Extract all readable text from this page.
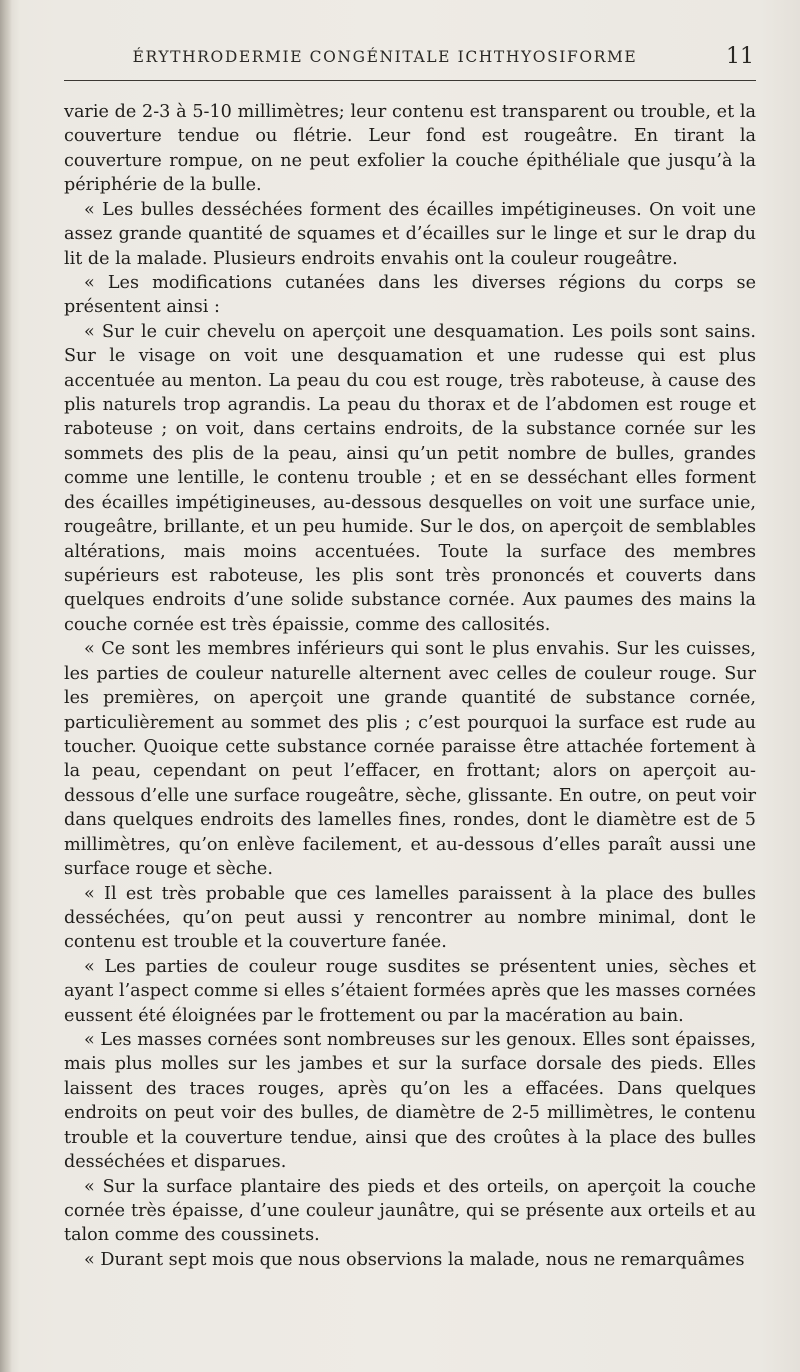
ÉRYTHRODERMIE CONGÉNITALE ICHTHYOSIFORME	11

varie de 2-3 à 5-10 millimètres; leur contenu est transparent ou trouble, et la couverture tendue ou flétrie. Leur fond est rougeâtre. En tirant la couverture rompue, on ne peut exfolier la couche épithéliale que jusqu’à la périphérie de la bulle.

« Les bulles desséchées forment des écailles impétigineuses. On voit une assez grande quantité de squames et d’écailles sur le linge et sur le drap du lit de la malade. Plusieurs endroits envahis ont la couleur rougeâtre.

« Les modifications cutanées dans les diverses régions du corps se présentent ainsi :

« Sur le cuir chevelu on aperçoit une desquamation. Les poils sont sains. Sur le visage on voit une desquamation et une rudesse qui est plus accentuée au menton. La peau du cou est rouge, très raboteuse, à cause des plis naturels trop agrandis. La peau du thorax et de l’abdomen est rouge et raboteuse ; on voit, dans certains endroits, de la substance cornée sur les sommets des plis de la peau, ainsi qu’un petit nombre de bulles, grandes comme une lentille, le contenu trouble ; et en se desséchant elles forment des écailles impétigineuses, au-dessous desquelles on voit une surface unie, rougeâtre, brillante, et un peu humide. Sur le dos, on aperçoit de semblables altérations, mais moins accentuées. Toute la surface des membres supérieurs est raboteuse, les plis sont très prononcés et couverts dans quelques endroits d’une solide substance cornée. Aux paumes des mains la couche cornée est très épaissie, comme des callosités.

« Ce sont les membres inférieurs qui sont le plus envahis. Sur les cuisses, les parties de couleur naturelle alternent avec celles de couleur rouge. Sur les premières, on aperçoit une grande quantité de substance cornée, particulièrement au sommet des plis ; c’est pourquoi la surface est rude au toucher. Quoique cette substance cornée paraisse être attachée fortement à la peau, cependant on peut l’effacer, en frottant; alors on aperçoit au-dessous d’elle une surface rougeâtre, sèche, glissante. En outre, on peut voir dans quelques endroits des lamelles fines, rondes, dont le diamètre est de 5 millimètres, qu’on enlève facilement, et au-dessous d’elles paraît aussi une surface rouge et sèche.

« Il est très probable que ces lamelles paraissent à la place des bulles desséchées, qu’on peut aussi y rencontrer au nombre minimal, dont le contenu est trouble et la couverture fanée.

« Les parties de couleur rouge susdites se présentent unies, sèches et ayant l’aspect comme si elles s’étaient formées après que les masses cornées eussent été éloignées par le frottement ou par la macération au bain.

« Les masses cornées sont nombreuses sur les genoux. Elles sont épaisses, mais plus molles sur les jambes et sur la surface dorsale des pieds. Elles laissent des traces rouges, après qu’on les a effacées. Dans quelques endroits on peut voir des bulles, de diamètre de 2-5 millimètres, le contenu trouble et la couverture tendue, ainsi que des croûtes à la place des bulles desséchées et disparues.

« Sur la surface plantaire des pieds et des orteils, on aperçoit la couche cornée très épaisse, d’une couleur jaunâtre, qui se présente aux orteils et au talon comme des coussinets.

« Durant sept mois que nous observions la malade, nous ne remarquâmes
